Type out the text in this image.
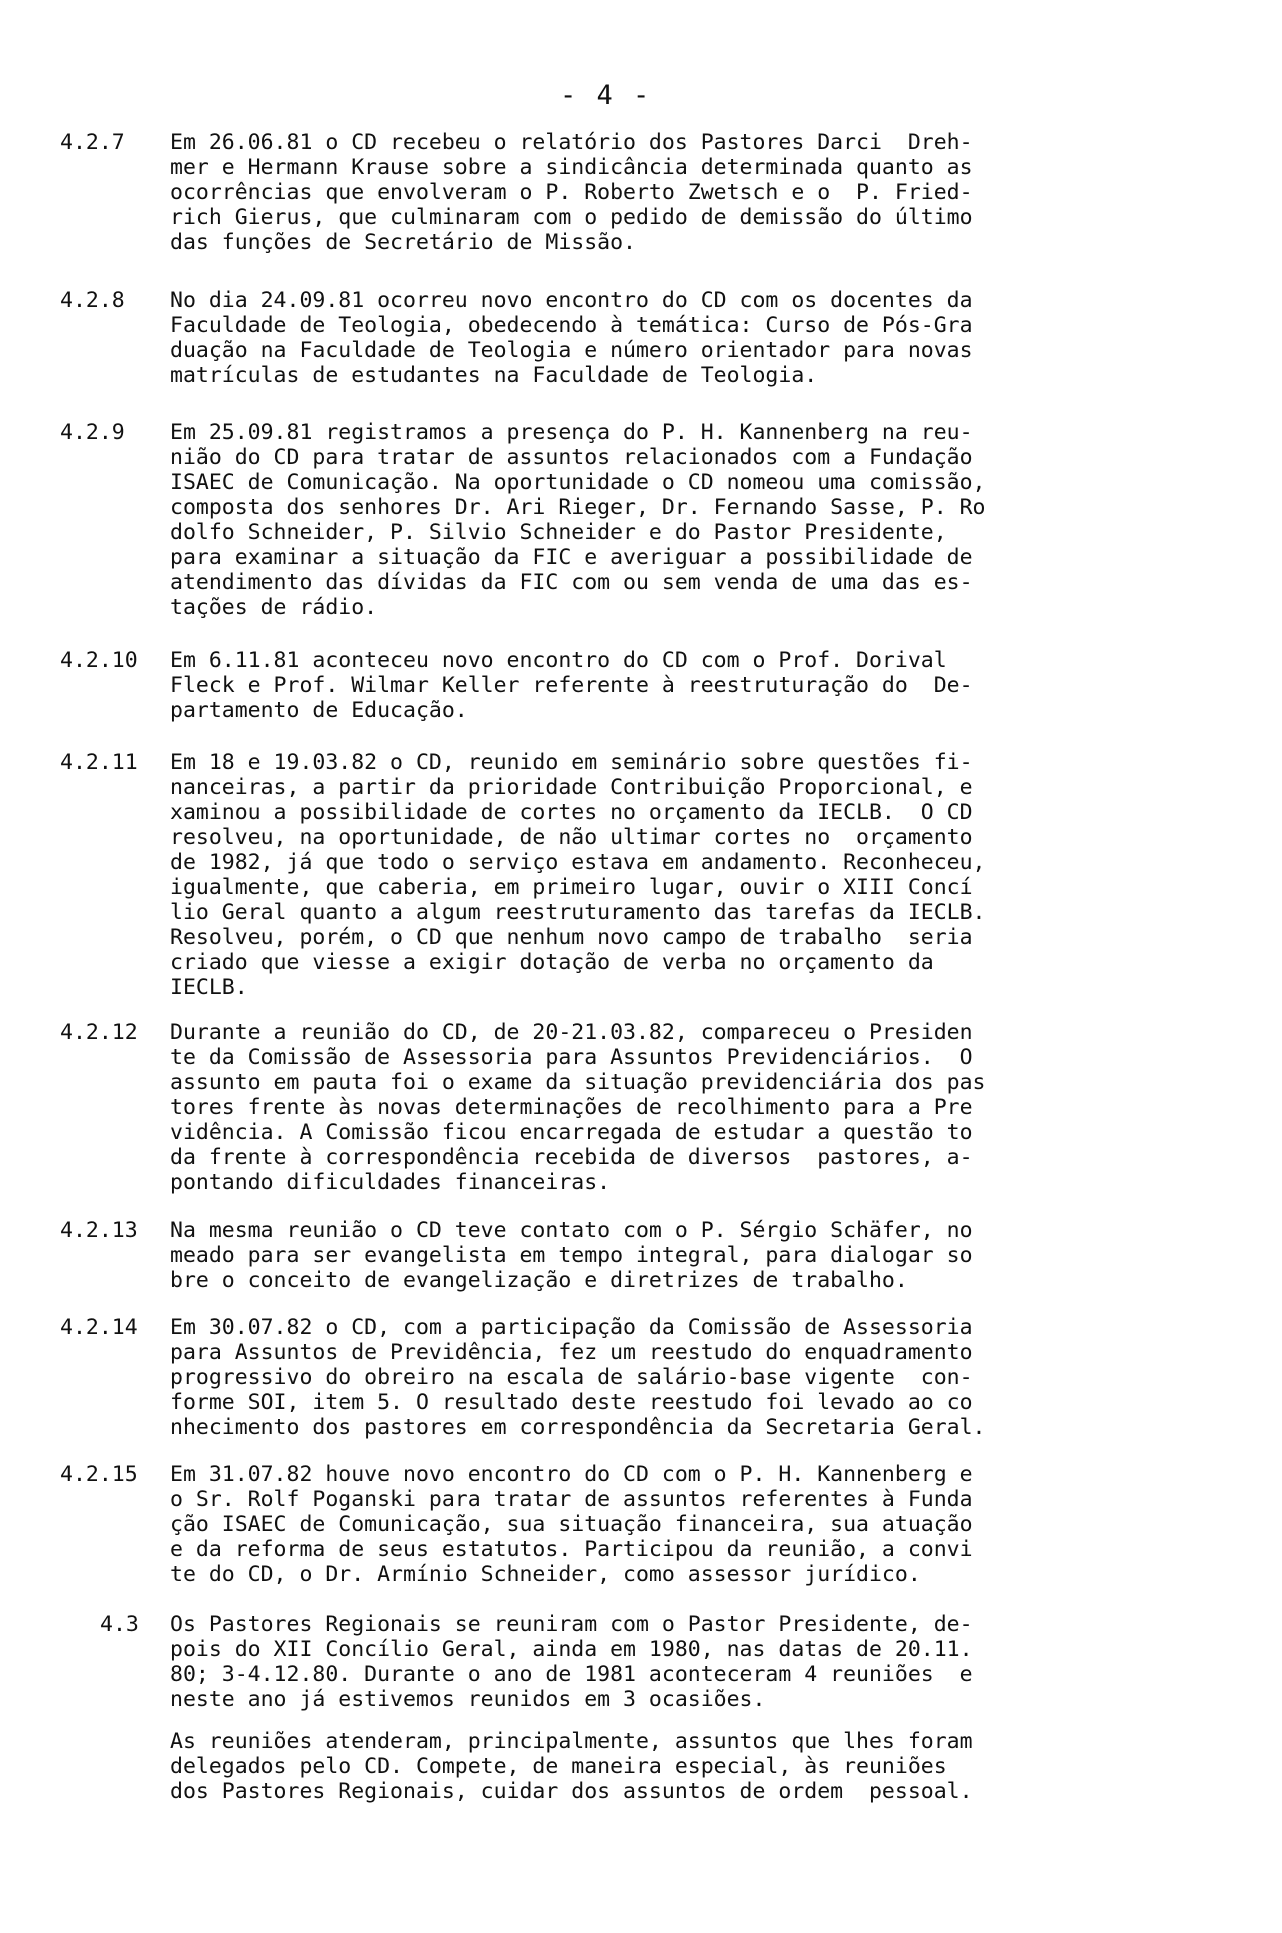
- 4 -
4.2.7 Em 26.06.81 o CD recebeu o relatório dos Pastores Darci  Dreh-
mer e Hermann Krause sobre a sindicância determinada quanto as
ocorrências que envolveram o P. Roberto Zwetsch e o  P. Fried-
rich Gierus, que culminaram com o pedido de demissão do último
das funções de Secretário de Missão.
4.2.8 No dia 24.09.81 ocorreu novo encontro do CD com os docentes da
Faculdade de Teologia, obedecendo à temática: Curso de Pós-Gra
duação na Faculdade de Teologia e número orientador para novas
matrículas de estudantes na Faculdade de Teologia.
4.2.9 Em 25.09.81 registramos a presença do P. H. Kannenberg na reu-
nião do CD para tratar de assuntos relacionados com a Fundação
ISAEC de Comunicação. Na oportunidade o CD nomeou uma comissão,
composta dos senhores Dr. Ari Rieger, Dr. Fernando Sasse, P. Ro
dolfo Schneider, P. Silvio Schneider e do Pastor Presidente,
para examinar a situação da FIC e averiguar a possibilidade de
atendimento das dívidas da FIC com ou sem venda de uma das es-
tações de rádio.
4.2.10 Em 6.11.81 aconteceu novo encontro do CD com o Prof. Dorival
Fleck e Prof. Wilmar Keller referente à reestruturação do  De-
partamento de Educação.
4.2.11 Em 18 e 19.03.82 o CD, reunido em seminário sobre questões fi-
nanceiras, a partir da prioridade Contribuição Proporcional, e
xaminou a possibilidade de cortes no orçamento da IECLB.  O CD
resolveu, na oportunidade, de não ultimar cortes no  orçamento
de 1982, já que todo o serviço estava em andamento. Reconheceu,
igualmente, que caberia, em primeiro lugar, ouvir o XIII Concí
lio Geral quanto a algum reestruturamento das tarefas da IECLB.
Resolveu, porém, o CD que nenhum novo campo de trabalho  seria
criado que viesse a exigir dotação de verba no orçamento da
IECLB.
4.2.12 Durante a reunião do CD, de 20-21.03.82, compareceu o Presiden
te da Comissão de Assessoria para Assuntos Previdenciários.  O
assunto em pauta foi o exame da situação previdenciária dos pas
tores frente às novas determinações de recolhimento para a Pre
vidência. A Comissão ficou encarregada de estudar a questão to
da frente à correspondência recebida de diversos  pastores, a-
pontando dificuldades financeiras.
4.2.13 Na mesma reunião o CD teve contato com o P. Sérgio Schäfer, no
meado para ser evangelista em tempo integral, para dialogar so
bre o conceito de evangelização e diretrizes de trabalho.
4.2.14 Em 30.07.82 o CD, com a participação da Comissão de Assessoria
para Assuntos de Previdência, fez um reestudo do enquadramento
progressivo do obreiro na escala de salário-base vigente  con-
forme SOI, item 5. O resultado deste reestudo foi levado ao co
nhecimento dos pastores em correspondência da Secretaria Geral.
4.2.15 Em 31.07.82 houve novo encontro do CD com o P. H. Kannenberg e
o Sr. Rolf Poganski para tratar de assuntos referentes à Funda
ção ISAEC de Comunicação, sua situação financeira, sua atuação
e da reforma de seus estatutos. Participou da reunião, a convi
te do CD, o Dr. Armínio Schneider, como assessor jurídico.
4.3 Os Pastores Regionais se reuniram com o Pastor Presidente, de-
pois do XII Concílio Geral, ainda em 1980, nas datas de 20.11.
80; 3-4.12.80. Durante o ano de 1981 aconteceram 4 reuniões  e
neste ano já estivemos reunidos em 3 ocasiões.
As reuniões atenderam, principalmente, assuntos que lhes foram
delegados pelo CD. Compete, de maneira especial, às reuniões
dos Pastores Regionais, cuidar dos assuntos de ordem  pessoal.
